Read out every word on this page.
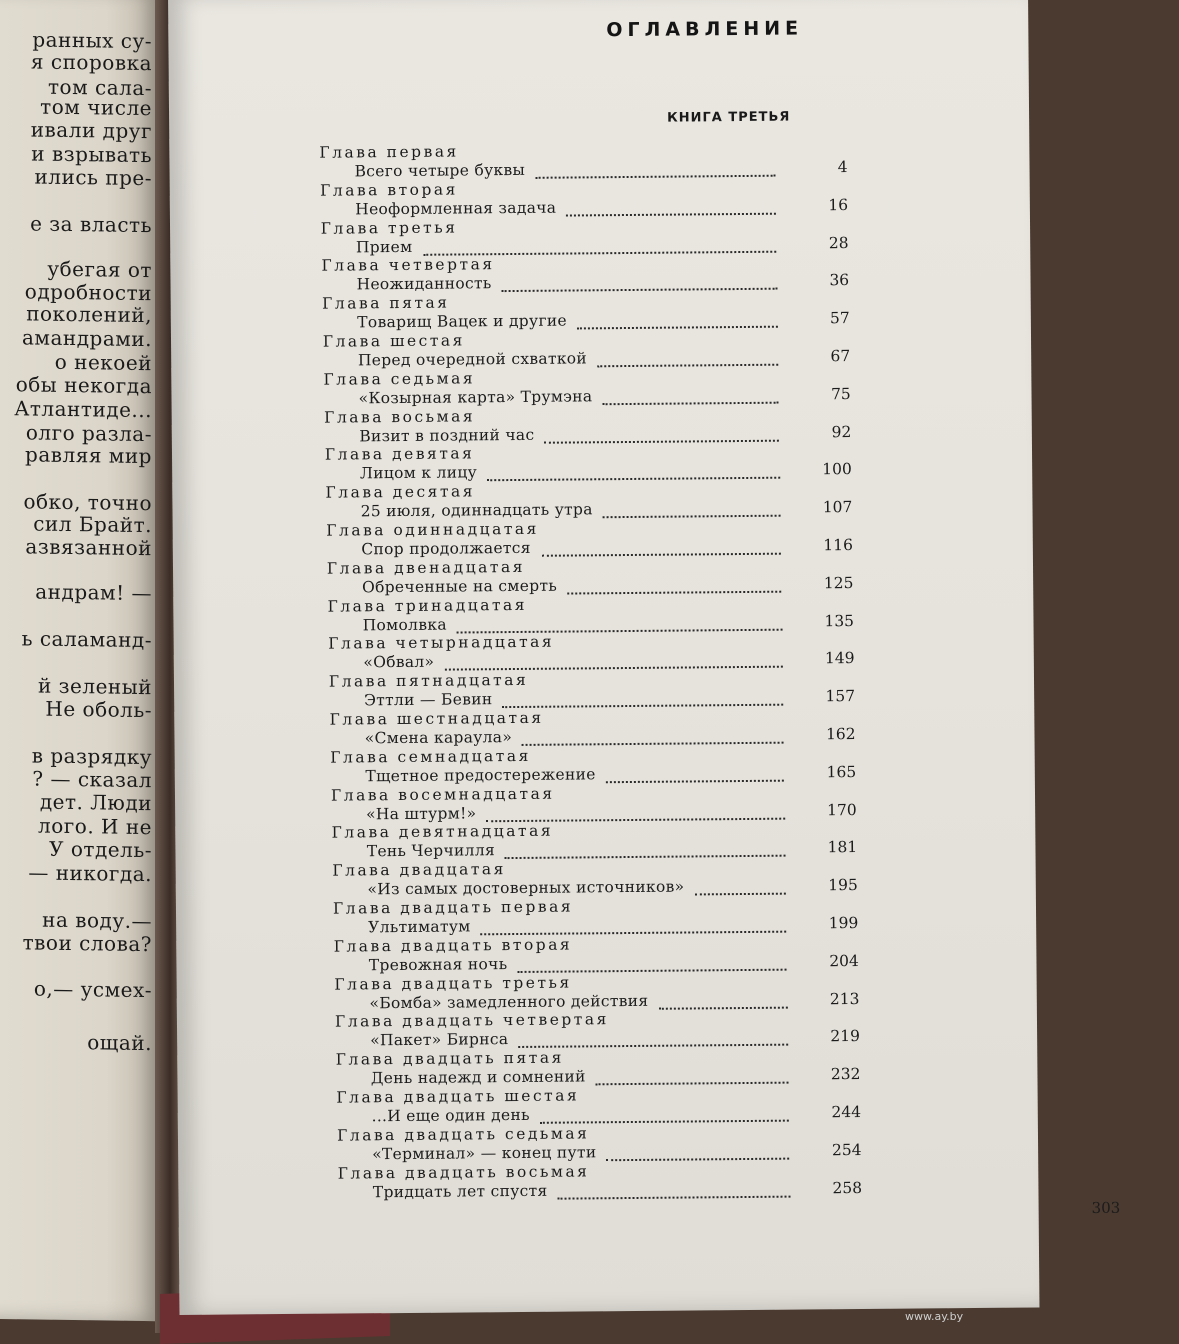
ранных су-
я споровка
том сала-
том числе
ивали друг
и взрывать
ились пре-
е за власть
убегая от
одробности
поколений,
амандрами.
о некоей
обы некогда
Атлантиде...
олго разла-
равляя мир
обко, точно
сил Брайт.
азвязанной
андрам! —
ь саламанд-
й зеленый
Не оболь-
в разрядку
? — сказал
дет. Люди
лого. И не
У отдель-
— никогда.
на воду.—
твои слова?
о,— усмех-
ощай.
ОГЛАВЛЕНИЕ
КНИГА ТРЕТЬЯ
Глава первая
Всего четыре буквы	4
Глава вторая
Неоформленная задача	16
Глава третья
Прием	28
Глава четвертая
Неожиданность	36
Глава пятая
Товарищ Вацек и другие	57
Глава шестая
Перед очередной схваткой	67
Глава седьмая
«Козырная карта» Трумэна	75
Глава восьмая
Визит в поздний час	92
Глава девятая
Лицом к лицу	100
Глава десятая
25 июля, одиннадцать утра	107
Глава одиннадцатая
Спор продолжается	116
Глава двенадцатая
Обреченные на смерть	125
Глава тринадцатая
Помолвка	135
Глава четырнадцатая
«Обвал»	149
Глава пятнадцатая
Эттли — Бевин	157
Глава шестнадцатая
«Смена караула»	162
Глава семнадцатая
Тщетное предостережение	165
Глава восемнадцатая
«На штурм!»	170
Глава девятнадцатая
Тень Черчилля	181
Глава двадцатая
«Из самых достоверных источников»	195
Глава двадцать первая
Ультиматум	199
Глава двадцать вторая
Тревожная ночь	204
Глава двадцать третья
«Бомба» замедленного действия	213
Глава двадцать четвертая
«Пакет» Бирнса	219
Глава двадцать пятая
День надежд и сомнений	232
Глава двадцать шестая
...И еще один день	244
Глава двадцать седьмая
«Терминал» — конец пути	254
Глава двадцать восьмая
Тридцать лет спустя	258
303
www.ay.by
